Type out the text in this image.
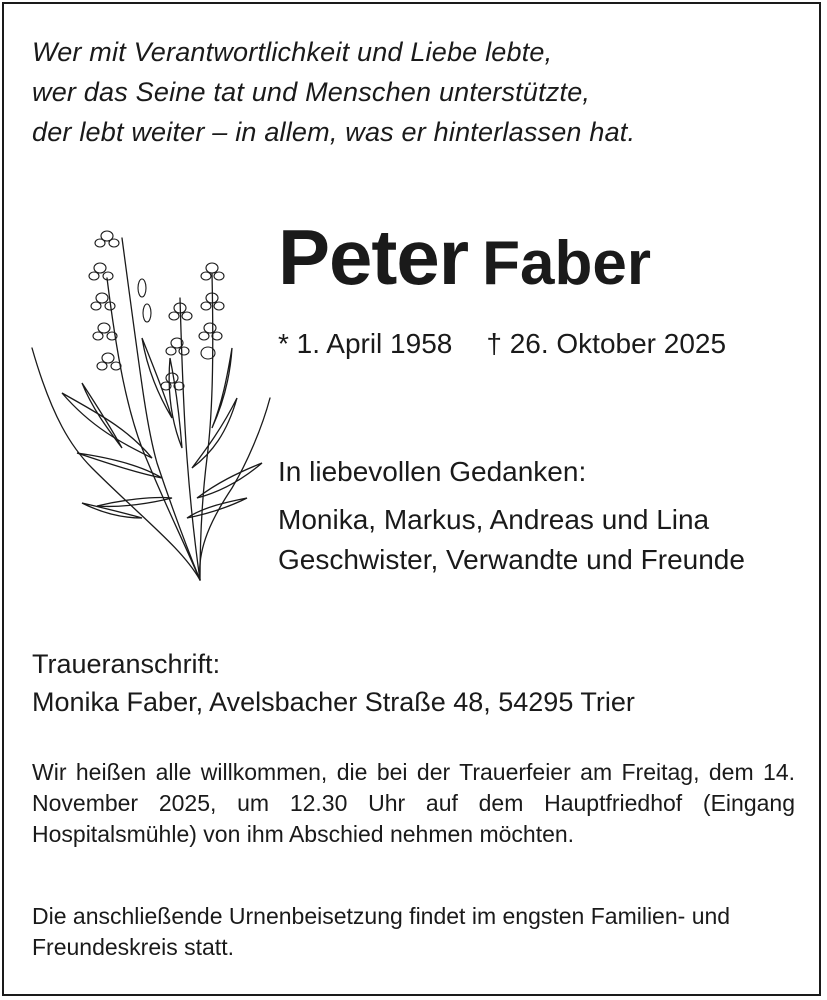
Wer mit Verantwortlichkeit und Liebe lebte,
wer das Seine tat und Menschen unterstützte,
der lebt weiter – in allem, was er hinterlassen hat.
Peter Faber
* 1. April 1958 † 26. Oktober 2025
In liebevollen Gedanken:
Monika, Markus, Andreas und Lina
Geschwister, Verwandte und Freunde
Traueranschrift:
Monika Faber, Avelsbacher Straße 48, 54295 Trier
Wir heißen alle willkommen, die bei der Trauerfeier am Freitag, dem 14. November 2025, um 12.30 Uhr auf dem Hauptfriedhof (Eingang Hospitalsmühle) von ihm Abschied nehmen möchten.
Die anschließende Urnenbeisetzung findet im engsten Familien- und Freundeskreis statt.
